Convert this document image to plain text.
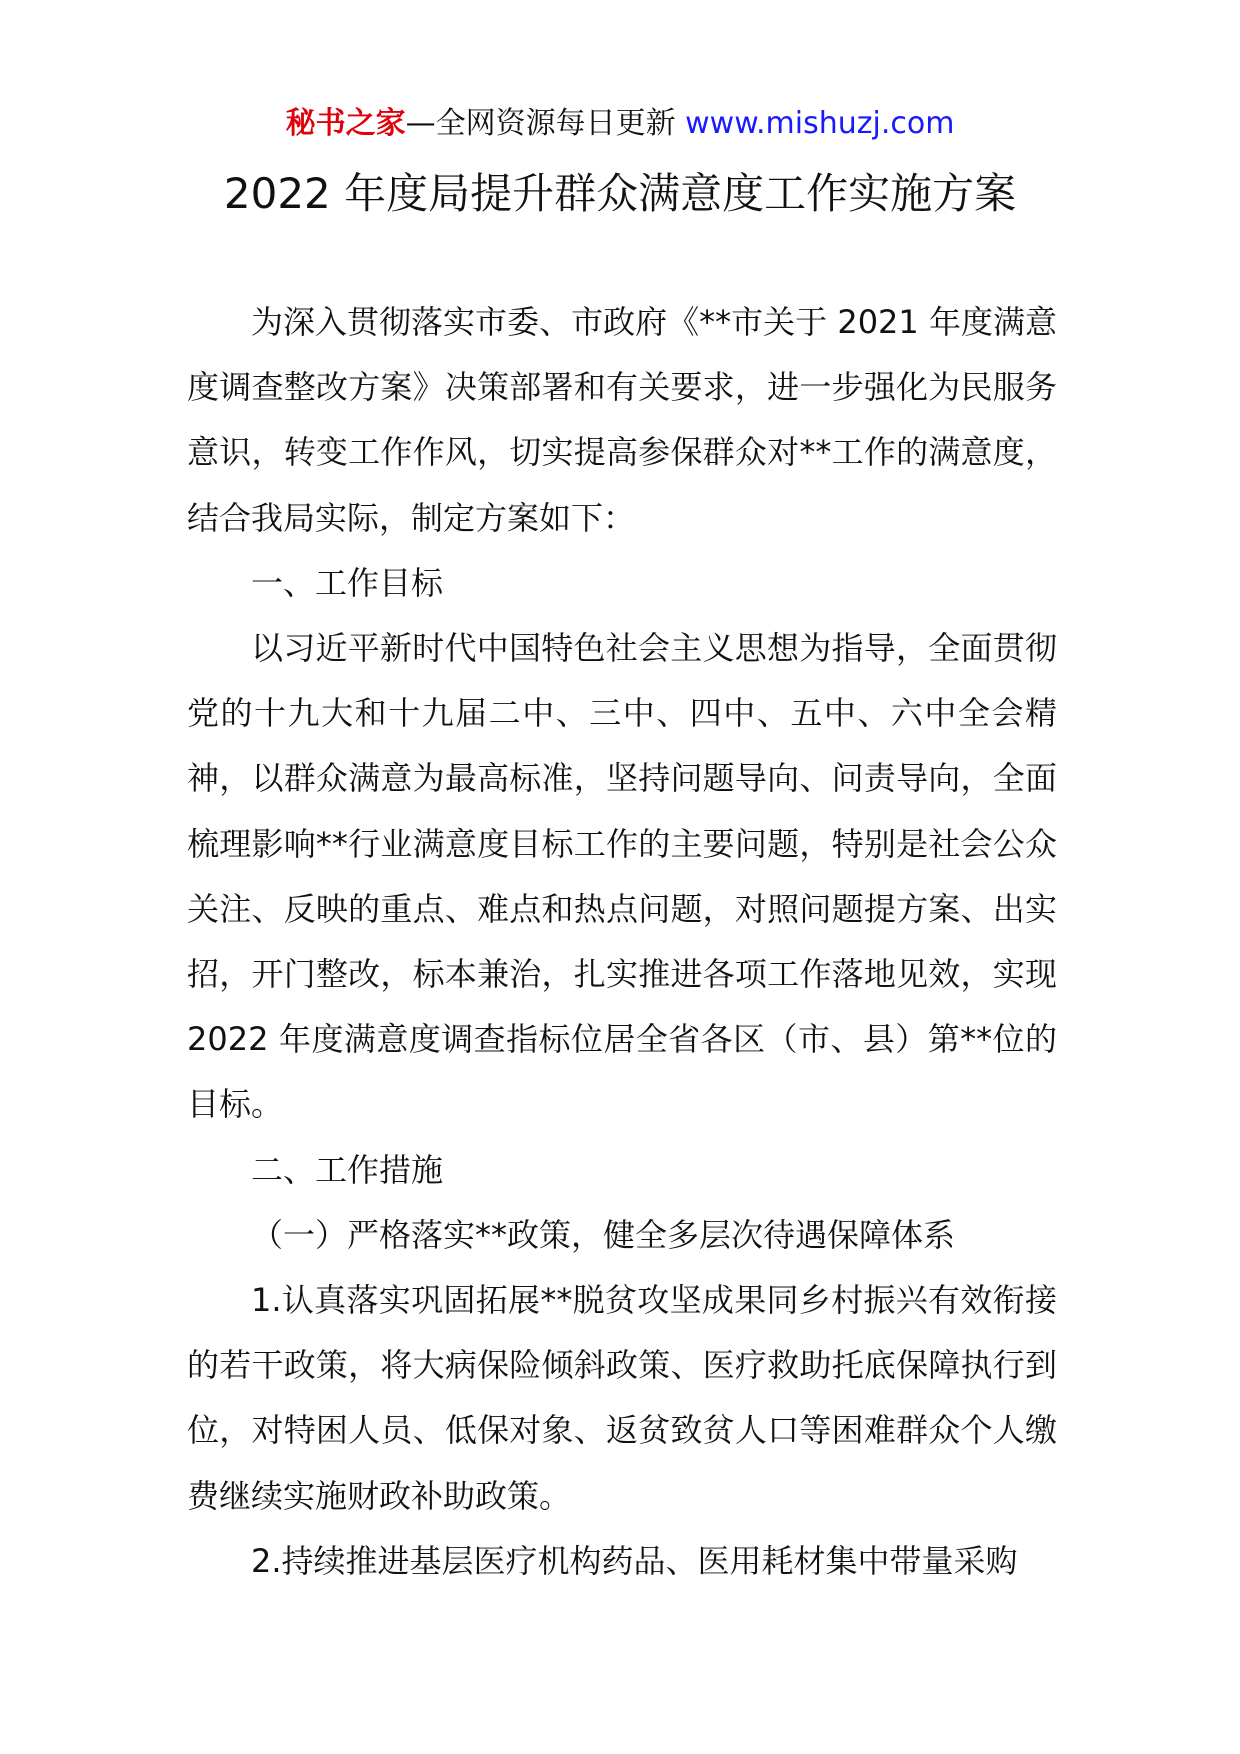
秘书之家—全网资源每日更新 www.mishuzj.com
2022 年度局提升群众满意度工作实施方案

为深入贯彻落实市委、市政府《**市关于 2021 年度满意度调查整改方案》决策部署和有关要求，进一步强化为民服务意识，转变工作作风，切实提高参保群众对**工作的满意度，结合我局实际，制定方案如下：

一、工作目标

以习近平新时代中国特色社会主义思想为指导，全面贯彻党的十九大和十九届二中、三中、四中、五中、六中全会精神，以群众满意为最高标准，坚持问题导向、问责导向，全面梳理影响**行业满意度目标工作的主要问题，特别是社会公众关注、反映的重点、难点和热点问题，对照问题提方案、出实招，开门整改，标本兼治，扎实推进各项工作落地见效，实现 2022 年度满意度调查指标位居全省各区（市、县）第**位的目标。

二、工作措施

（一）严格落实**政策，健全多层次待遇保障体系

1.认真落实巩固拓展**脱贫攻坚成果同乡村振兴有效衔接的若干政策，将大病保险倾斜政策、医疗救助托底保障执行到位，对特困人员、低保对象、返贫致贫人口等困难群众个人缴费继续实施财政补助政策。

2.持续推进基层医疗机构药品、医用耗材集中带量采购
